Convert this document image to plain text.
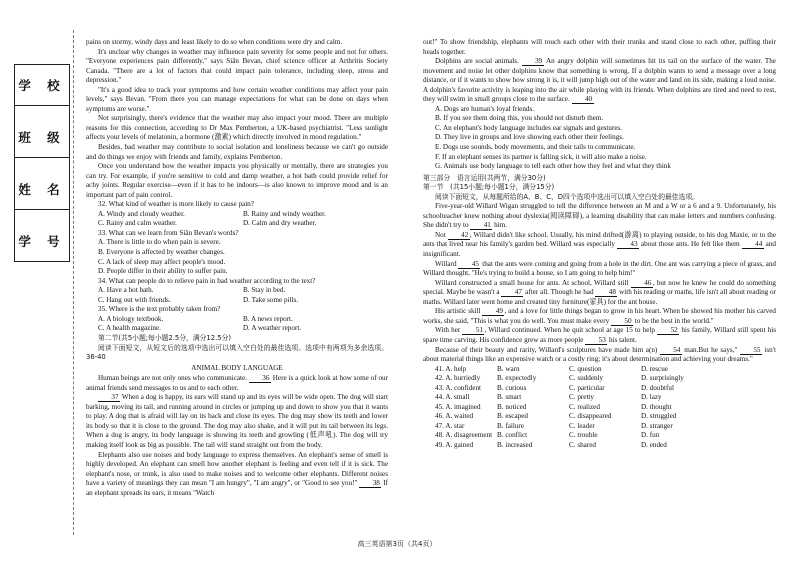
学 校
班 级
姓 名
学 号

pains on stormy, windy days and least likely to do so when conditions were dry and calm.

It's unclear why changes in weather may influence pain severity for some people and not for others. "Everyone experiences pain differently," says Siân Bevan, chief science officer at Arthritis Society Canada. "There are a lot of factors that could impact pain tolerance, including sleep, stress and depression."

"It's a good idea to track your symptoms and how certain weather conditions may affect your pain levels," says Bevan. "From there you can manage expectations for what can be done on days when symptoms are worse."

Not surprisingly, there's evidence that the weather may also impact your mood. There are multiple reasons for this connection, according to Dr Max Pemberton, a UK-based psychiatrist. "Less sunlight affects your levels of melatonin, a hormone (激素) which directly involved in mood regulation."

Besides, bad weather may contribute to social isolation and loneliness because we can't go outside and do things we enjoy with friends and family, explains Pemberton.

Once you understand how the weather impacts you physically or mentally, there are strategies you can try. For example, if you're sensitive to cold and damp weather, a hot bath could provide relief for achy joints. Regular exercise—even if it has to be indoors—is also known to improve mood and is an important part of pain control.

32. What kind of weather is more likely to cause pain?

A. Windy and cloudy weather.	B. Rainy and windy weather.
C. Rainy and calm weather.	D. Calm and dry weather.

33. What can we learn from Siân Bevan's words?

A. There is little to do when pain is severe.

B. Everyone is affected by weather changes.

C. A lack of sleep may affect people's mood.

D. People differ in their ability to suffer pain.

34. What can people do to relieve pain in bad weather according to the text?

A. Have a hot bath.	B. Stay in bed.
C. Hang out with friends.	D. Take some pills.

35. Where is the text probably taken from?

A. A biology textbook.	B. A news report.
C. A health magazine.	D. A weather report.

第二节(共5小题;每小题2.5分，满分12.5分)

阅读下面短文，从短文后的选项中选出可以填入空白处的最佳选项。选项中有两项为多余选项。36-40

ANIMAL BODY LANGUAGE

Human beings are not only ones who communicate. 36 Here is a quick look at how some of our animal friends send messages to us and to each other.

37 When a dog is happy, its ears will stand up and its eyes will be wide open. The dog will start barking, moving its tail, and running around in circles or jumping up and down to show you that it wants to play. A dog that is afraid will lay on its back and close its eyes. The dog may show its teeth and lower its body so that it is close to the ground. The dog may also shake, and it will put its tail between its legs. When a dog is angry, its body language is showing its teeth and growling (低声吼). The dog will try making itself look as big as possible. The tail will stand straight out from the body.

Elephants also use noises and body language to express themselves. An elephant's sense of smell is highly developed. An elephant can smell how another elephant is feeling and even tell if it is sick. The elephant's nose, or trunk, is also used to make noises and to welcome other elephants. Different noises have a variety of meanings they can mean "I am hungry", "I am angry", or "Good to see you!" 38 If an elephant spreads its ears, it means "Watch

out!" To show friendship, elephants will touch each other with their trunks and stand close to each other, puffing their heads together.

Dolphins are social animals. 39 An angry dolphin will sometimes hit its tail on the surface of the water. The movement and noise let other dolphins know that something is wrong. If a dolphin wants to send a message over a long distance, or if it wants to show how strong it is, it will jump high out of the water and land on its side, making a loud noise. A dolphin's favorite activity is leaping into the air while playing with its friends. When dolphins are tired and need to rest, they will swim in small groups close to the surface. 40

A. Dogs are human's loyal friends.

B. If you see them doing this, you should not disturb them.

C. An elephant's body language includes ear signals and gestures.

D. They live in groups and love showing each other their feelings.

E. Dogs use sounds, body movements, and their tails to communicate.

F. If an elephant senses its partner is falling sick, it will also make a noise.

G. Animals use body language to tell each other how they feel and what they think

第三部分　语言运用(共两节，满分30分)

第一节　(共15小题;每小题1分，满分15分)

阅读下面短文，从每题所给的A、B、C、D四个选项中选出可以填入空白处的最佳选项。

Five-year-old Willard Wigan struggled to tell the difference between an M and a W or a 6 and a 9. Unfortunately, his schoolteacher knew nothing about dyslexia(阅读障碍), a learning disability that can make letters and numbers confusing. She didn't try to 41 him.

Not 42, Willard didn't like school. Usually, his mind drifted(游离) to playing outside, to his dog Maxie, or to the ants that lived near his family's garden bed. Willard was especially 43 about those ants. He felt like them 44 and insignificant.

Willard 45 that the ants were coming and going from a hole in the dirt. One ant was carrying a piece of grass, and Willard thought, "He's trying to build a house, so I am going to help him!"

Willard constructed a small house for ants. At school, Willard still 46, but now he knew he could do something special. Maybe he wasn't a 47 after all. Though he had 48 with his reading or maths, life isn't all about reading or maths. Willard later went home and created tiny furniture(家具) for the ant house.

His artistic skill 49, and a love for little things began to grow in his heart. When he showed his mother his carved works, she said, "This is what you do well. You must make every 50 to be the best in the world."

With her 51, Willard continued. When he quit school at age 15 to help 52 his family, Willard still spent his spare time carving. His confidence grew as more people 53 his talent.

Because of their beauty and rarity, Willard's sculptures have made him a(n) 54 man.But he says," 55 isn't about material things like an expensive watch or a costly ring; it's about determination and achieving your dreams."

41. A. help	B. warn	C. question	D. rescue
42. A. hurriedly	B. expectedly	C. suddenly	D. surprisingly
43. A. confident	B. curious	C. particular	D. doubtful
44. A. small	B. smart	C. pretty	D. lazy
45. A. imagined	B. noticed	C. realized	D. thought
46. A. waited	B. escaped	C. disappeared	D. struggled
47. A. star	B. failure	C. leader	D. stranger
48. A. disagreement B. conflict	C. trouble	D. fun
49. A. gained	B. increased	C. shared	D. ended
高三英语第3页（共4页）
